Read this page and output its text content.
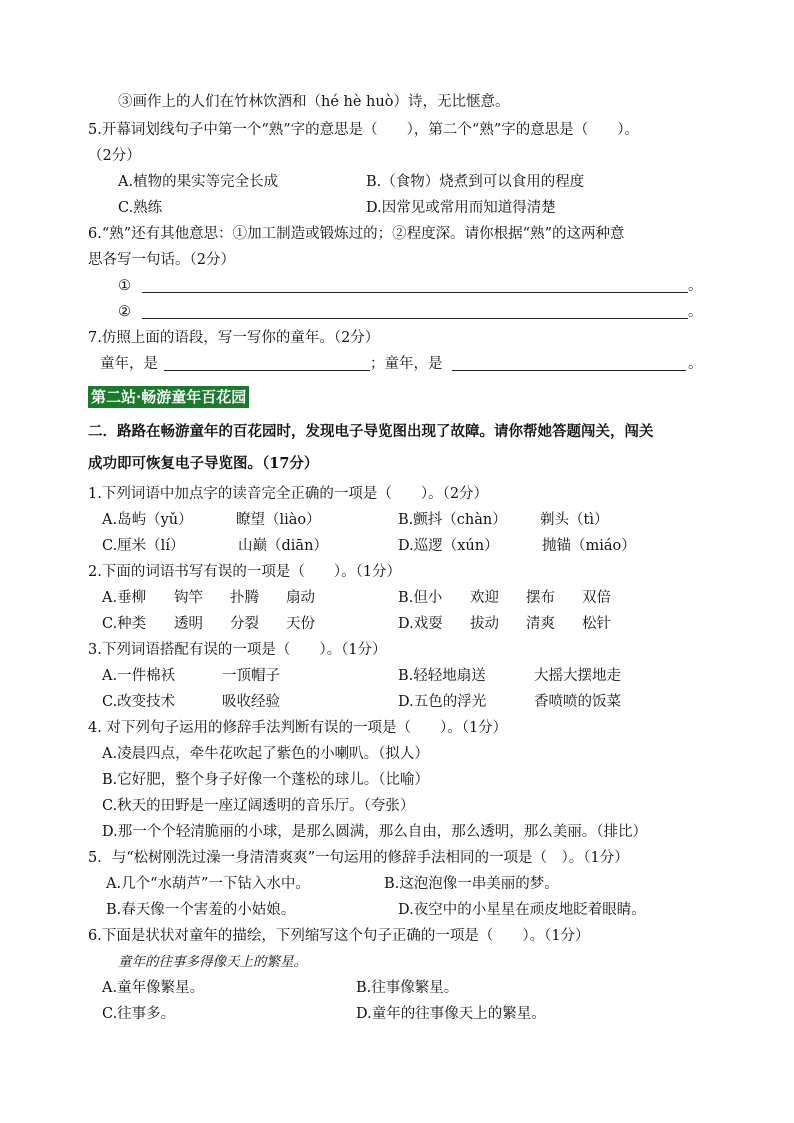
③画作上的人们在竹林饮酒和（hé hè huò）诗，无比惬意。
5.开幕词划线句子中第一个“熟”字的意思是（　　），第二个“熟”字的意思是（　　）。
（2分）
A.植物的果实等完全长成	B.（食物）烧煮到可以食用的程度
C.熟练	D.因常见或常用而知道得清楚
6.“熟”还有其他意思：①加工制造或锻炼过的；②程度深。请你根据“熟”的这两种意
思各写一句话。（2分）
①	。
②	。
7.仿照上面的语段，写一写你的童年。（2分）
童年，是	；童年，是	。
第二站·畅游童年百花园
二．路路在畅游童年的百花园时，发现电子导览图出现了故障。请你帮她答题闯关，闯关
成功即可恢复电子导览图。（17分）
1.下列词语中加点字的读音完全正确的一项是（　　）。（2分）
A.岛屿（yǔ）	瞭望（liào）	B.颤抖（chàn） 剃头（tì）
C.厘米（lí）	山巅（diān）	D.巡逻（xún）	抛锚（miáo）
2.下面的词语书写有误的一项是（　　）。（1分）
A.垂柳 钩竿 扑腾 扇动	B.但小 欢迎 摆布 双倍
C.种类 透明 分裂 天份	D.戏耍 拔动 清爽 松针
3.下列词语搭配有误的一项是（　　）。（1分）
A.一件棉袄	一顶帽子	B.轻轻地扇送	大摇大摆地走
C.改变技术	吸收经验	D.五色的浮光	香喷喷的饭菜
4. 对下列句子运用的修辞手法判断有误的一项是（　　）。（1分）
A.凌晨四点，牵牛花吹起了紫色的小喇叭。（拟人）
B.它好肥，整个身子好像一个蓬松的球儿。（比喻）
C.秋天的田野是一座辽阔透明的音乐厅。（夸张）
D.那一个个轻清脆丽的小球，是那么圆满，那么自由，那么透明，那么美丽。（排比）
5．与“松树刚洗过澡一身清清爽爽”一句运用的修辞手法相同的一项是（　）。（1分）
A.几个“水葫芦”一下钻入水中。	B.这泡泡像一串美丽的梦。
B.春天像一个害羞的小姑娘。	D.夜空中的小星星在顽皮地眨着眼睛。
6.下面是状状对童年的描绘，下列缩写这个句子正确的一项是（　　）。（1分）
童年的往事多得像天上的繁星。
A.童年像繁星。	B.往事像繁星。
C.往事多。	D.童年的往事像天上的繁星。
